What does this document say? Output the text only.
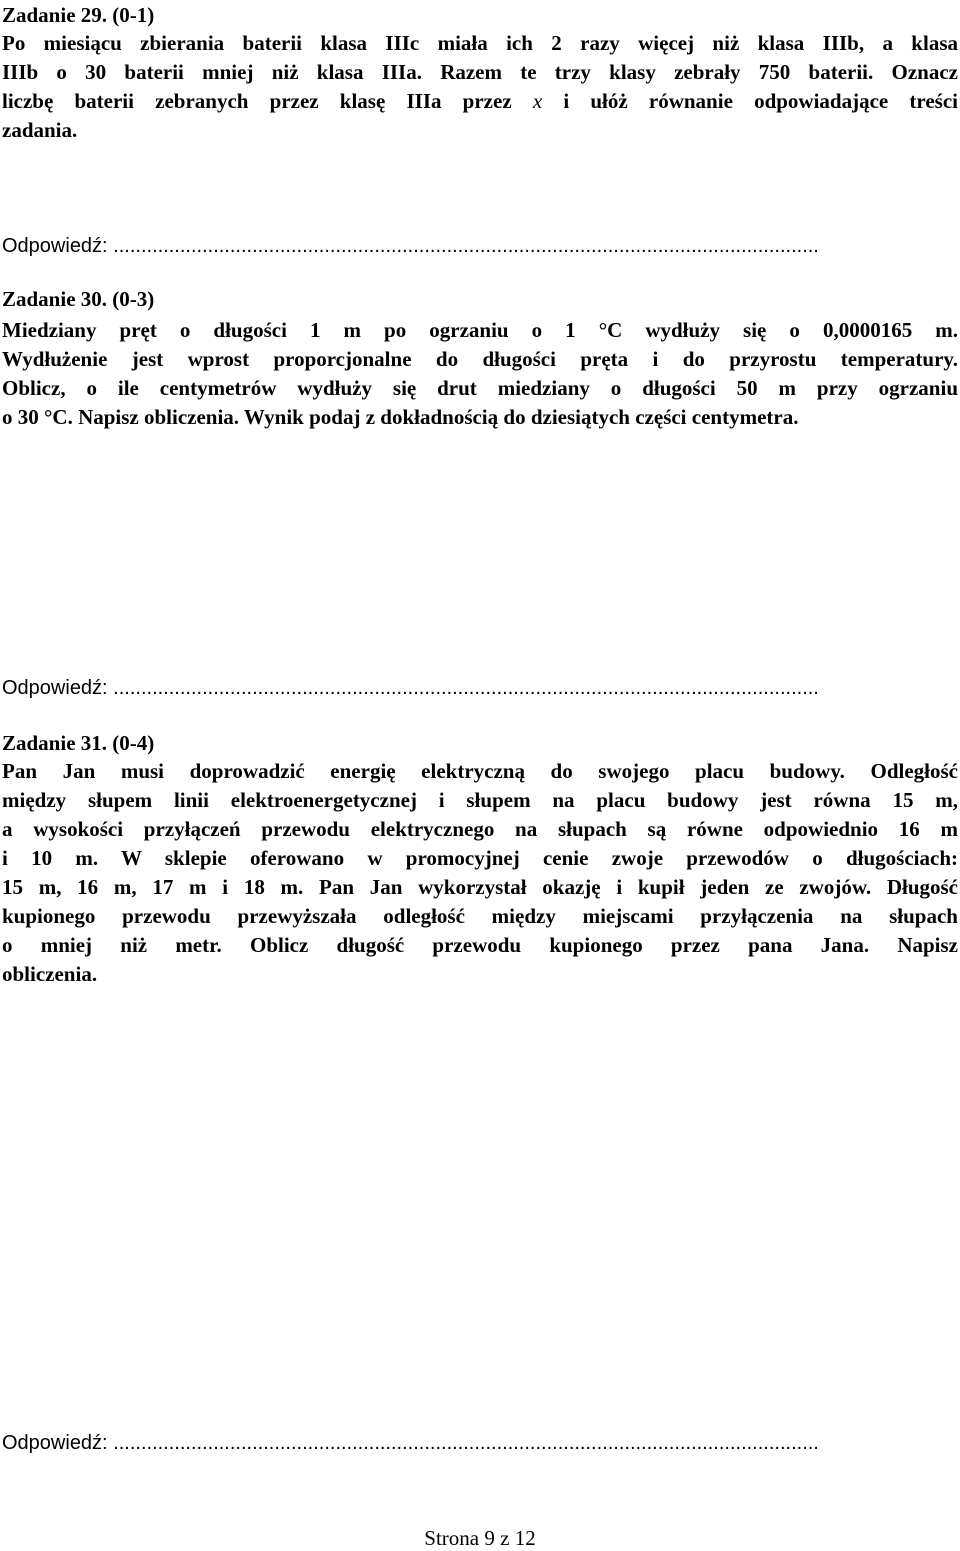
Zadanie 29. (0-1)
Po miesiącu zbierania baterii klasa IIIc miała ich 2 razy więcej niż klasa IIIb, a klasa
IIIb o 30 baterii mniej niż klasa IIIa. Razem te trzy klasy zebrały 750 baterii. Oznacz
liczbę baterii zebranych przez klasę IIIa przez x i ułóż równanie odpowiadające treści
zadania.
Odpowiedź: ...............................................................................................................................
Zadanie 30. (0-3)
Miedziany pręt o długości 1 m po ogrzaniu o 1 °C wydłuży się o 0,0000165 m.
Wydłużenie jest wprost proporcjonalne do długości pręta i do przyrostu temperatury.
Oblicz, o ile centymetrów wydłuży się drut miedziany o długości 50 m przy ogrzaniu
o 30 °C. Napisz obliczenia. Wynik podaj z dokładnością do dziesiątych części centymetra.
Odpowiedź: ...............................................................................................................................
Zadanie 31. (0-4)
Pan Jan musi doprowadzić energię elektryczną do swojego placu budowy. Odległość
między słupem linii elektroenergetycznej i słupem na placu budowy jest równa 15 m,
a wysokości przyłączeń przewodu elektrycznego na słupach są równe odpowiednio 16 m
i 10 m. W sklepie oferowano w promocyjnej cenie zwoje przewodów o długościach:
15 m, 16 m, 17 m i 18 m. Pan Jan wykorzystał okazję i kupił jeden ze zwojów. Długość
kupionego przewodu przewyższała odległość między miejscami przyłączenia na słupach
o mniej niż metr. Oblicz długość przewodu kupionego przez pana Jana. Napisz
obliczenia.
Odpowiedź: ...............................................................................................................................
Strona 9 z 12
